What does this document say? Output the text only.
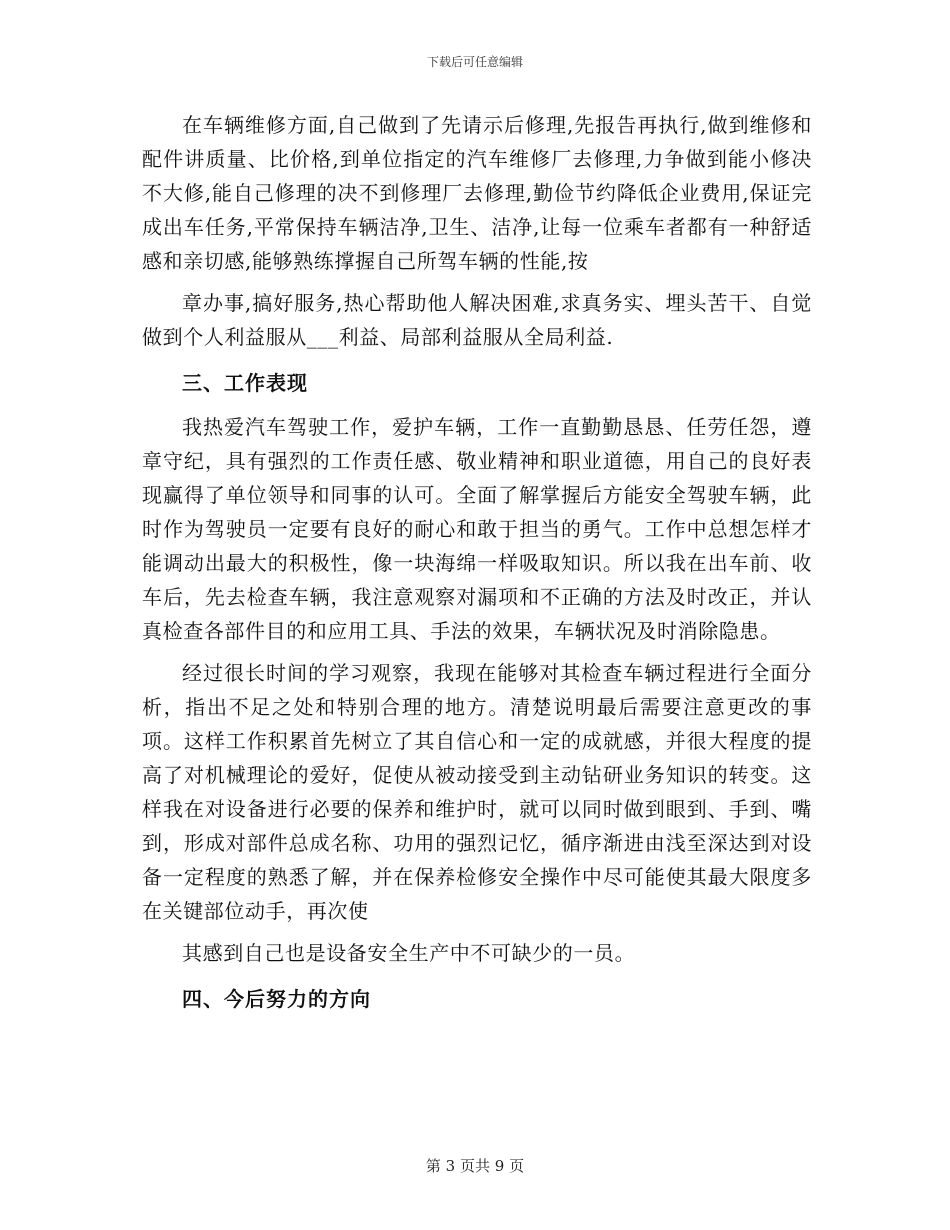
下载后可任意编辑

在车辆维修方面,自己做到了先请示后修理,先报告再执行,做到维修和配件讲质量、比价格,到单位指定的汽车维修厂去修理,力争做到能小修决不大修,能自己修理的决不到修理厂去修理,勤俭节约降低企业费用,保证完成出车任务,平常保持车辆洁净,卫生、洁净,让每一位乘车者都有一种舒适感和亲切感,能够熟练撑握自己所驾车辆的性能,按

章办事,搞好服务,热心帮助他人解决困难,求真务实、埋头苦干、自觉做到个人利益服从___利益、局部利益服从全局利益.

三、工作表现

我热爱汽车驾驶工作，爱护车辆，工作一直勤勤恳恳、任劳任怨，遵章守纪，具有强烈的工作责任感、敬业精神和职业道德，用自己的良好表现赢得了单位领导和同事的认可。全面了解掌握后方能安全驾驶车辆，此时作为驾驶员一定要有良好的耐心和敢于担当的勇气。工作中总想怎样才能调动出最大的积极性，像一块海绵一样吸取知识。所以我在出车前、收车后，先去检查车辆，我注意观察对漏项和不正确的方法及时改正，并认真检查各部件目的和应用工具、手法的效果，车辆状况及时消除隐患。

经过很长时间的学习观察，我现在能够对其检查车辆过程进行全面分析，指出不足之处和特别合理的地方。清楚说明最后需要注意更改的事项。这样工作积累首先树立了其自信心和一定的成就感，并很大程度的提高了对机械理论的爱好，促使从被动接受到主动钻研业务知识的转变。这样我在对设备进行必要的保养和维护时，就可以同时做到眼到、手到、嘴到，形成对部件总成名称、功用的强烈记忆，循序渐进由浅至深达到对设备一定程度的熟悉了解，并在保养检修安全操作中尽可能使其最大限度多在关键部位动手，再次使

其感到自己也是设备安全生产中不可缺少的一员。

四、今后努力的方向

第 3 页共 9 页
